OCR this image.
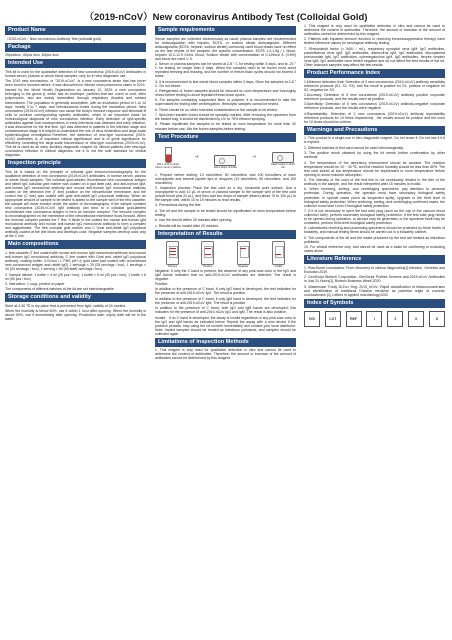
（2019-nCoV）New coronavirus Antibody Test (Colloidal Gold)
Product Name
（2019-nCoV）New coronavirus Antibody Test (colloidal gold)
Package
25pcs/box ,40pcs /box ,50pcs /box
Intended Use
This kit is used for the qualitative detection of new coronavirus (2019-nCoV) antibodies in human serum, plasma or whole blood samples ,only for in vitro diagnostic use.
The 2019 new coronavirus, or "2019-nCoV", is a new coronavirus strain that has never been found in humans before. It was discovered in Wuhan virus pneumonia cases in 2019.
Named by the World Health Organization on January 12, 2020; a new coronavirus belonging to the genus β, which has an envelope, particles that are round or oval, often polymorphic, and are mainly transmitted through respiratory droplets and contact transmission. The population is generally susceptible, with an incubation period of 1 to 14 days, mostly 3 to 7 days, and infectiousness exists during the incubation period. New coronavirus (2019-nCoV) infection can cause the body's immune response and stimulate B cells to produce corresponding specific antibodies, which is an important basis for immunological diagnosis of new coronavirus infection. Early detection of IgM-specific antibodies against viral nucleoproteins in early infections was detected and early infection, it was discovered for the first time. IgG was detected in patients in the infection stage and convalescence stage.It is helpful to understand the role of virus elimination and large-scale epidemiological investigation.Therefore, the detection of new-type coronavirus (2019-nCoV) antibodies is of important clinical significance and is of great significance for effectively controlling the large-scale transmission of new-type coronavirus (2019-nCoV). This kit is used as an early auxiliary diagnostic reagent for clinical patients with new-type coronavirus infection in clinical diagnosis, but it is not the sole standard for clinical diagnosis.
Inspection principle
This kit is based on the principle of colloidal gold immunochromatography for the qualitative detection of new coronavirus (2019-nCoV) antibodies. in human serum, plasma or whole blood samples. The colloidal gold-labeled recombinant new coronavirus antigen and rabbit IgG colloidal gold marker was coated on a pad label pad, and anti-human IgM, anti-human IgG monoclonal antibody and mouse anti-human IgG monoclonal antibody coated on the detection line (T line) position on the nitrocellulose membrane, and the control line (C line) was coated with goat anti-rabbit IgG polyclonal antibody. When an appropriate amount of sample to be tested is added to the sample well of the test cassette, the sample will move forward under the action of chromatography. If the sample contains new coronavirus (2019-nCoV) IgM antibody can bind to a colloidal gold-labeled recombinant new coronavirus antigen to form an immune complex. The immune complex is chromatographed on the membrane of the nitrocellulose membrane flows forward. When the immune complex passes the T line, it binds to the coated the mouse anti-human IgM monoclonal antibody and mouse anti-human IgG monoclonal antibody to form a complex and agglutinates. The free colloidal gold marker and C Goat anti-rabbit IgG polyclonal antibody coated at the line binds and develops color. Negative samples develop color only at the C line.
Main compositions
1. test cassette (T line coated with mouse anti-human IgM monoclonal antibody and mouse anti-human IgG monoclonal antibody, C line coated with Goat anti- rabbit IgG polyclonal antibody, coating buffer: 0.01mol / L PBS pH7.4; gold label pad coated with recombinant new coronavirus antigen and rabbit IgG) 1 servings × 25 (25 servings / box), 1 servings × 40 (40 servings / box), 1 serving × 50 (50 staff) /servings / box).
2. Sample diluent: 1 bottle × 4 ml (25 pcs / box), 1 bottle × 5 ml (40 pcs / box), 1 bottle × 6 ml (50 pcs / box)
3. Instruction: 1 copy, printed on paper
The components of different batches of the kit are not interchangeable.
Storage conditions and validity
Store at 4-30 ℃ in dry place that is prevented from light, validity of 24 months.
When the humidity is below 60%, use it within 1 hour after opening. When the humidity is above 60%, use it immediately after opening. Production date, expiry date will be in the label.
Sample requirements
Serum samples are collected intravenously as usual; plasma samples are recommended for anticoagulation with heparin, EDTA, or sodium citrate anticoagulant. Different anticoagulants (EDTA, heparin, sodium citrate) commonly used blood draws have no effect on the test results of the samples. the specific concentration: EDTA 1.4-1.6g / L blood, heparin 10.0-12.5 IU/mL blood, Sodium citrate with concentration of 0.129mol /L (3.8%) and blood are used 1: 9.
2. Serum or plasma samples can be stored at 2-8 ° C for testing within 5 days, and at -20 ° C for testing for longer than 5 days. When the samples need to be frozen must avoid repeated freezing and thawing, and the number of freeze-thaw cycles should not exceed 3 times.
3. It is recommended to test whole blood samples within 3 days. Store the samples at 2-8 ° C. Do not freeze.
4. Refrigerated or frozen samples should be returned to room temperature and thoroughly mixed before testing to avoid repeated freeze-thaw cycles.
5. For samples containing suspended fibrin or polymer, it is recommended to take the supernatant for testing after centrifugation. Hemolytic samples cannot be tested.
6. There should be no other microbial contamination in the sample to be tested.
7. Specimen transfer boxes should be specially marked. After removing the specimen from the sealed bag, it should be disinfected by UV or 75% ethanol spraying.
8. Please equilibrate the samples to be tested at room temperature for more than 30 minutes before use. Mix the frozen samples before testing.
Test Procedure
Add 1 drop of whole blood / serum / plasma
➜
Add 2 drops of buffer
➜
Read results in 10-15 min
1. Prepare before testing: 10 microliters, 50 microliters, and 100 microliters of each micropipette and several pipette tips or droppers (10 microliters, 50 microliters, and 100 microliters).
2. Inspection process: Place the test card on a dry, horizontal work surface. Use a micropipette to add 10 μL of serum or plasma sample to the sample well of the test card (whole blood plus 20 μL), and then add two drops of sample diluent (about 70 to 100 μL) to the sample well, within 10 to 15 minutes to read results.
3. Precautions during the test
a. The kit and the sample to be tested should be equilibrated at room temperature before testing.
b. Use the test kit within 30 minutes after opening.
c. Results will be invalid after 20 minutes.
Interpretation of Results
Positive	Positive	Negative	Invalid
Negative: If only the C band is present, the absence of any pink-rose color in the IgG and IgM bands indicates that no anti-2019-nCoV antibodies are detected. The result is negative.
Positive:
In addition to the presence of C band, if only IgG band is developed, the test indicates for the presence of anti-2019-nCoV IgG. The result is positive.
In addition to the presence of C band, if only IgM band is developed, the test indicates for the presence of anti-2019-nCoV IgM. The result is positive.
In addition to the presence of C band, both IgG and IgM bands are developed; this indicates for the presence of anti-2019-nCoV IgG and IgM. The result is also positive.
Invalid：If no C band is developed, the assay is invalid regardless of any pink-rose color in the IgG and IgM bands as indicated below. Repeat the assay with a new device if the problem persists. stop using the lot number immediately and contact your local distributor. Note: Invalid samples should be treated as infectious pollutants, and samples should be collected again.
Limitations of Inspection Methods
1. This reagent is only used for qualitative detection in vitro and cannot be used to determine the content of antibodies. Therefore, the amount or increase of the amount of antibodies cannot be determined by this reagent.
1. This reagent is only used for qualitative detection in vitro and cannot be used to determine the content of antibodies. Therefore, the amount or increase of the amount of antibodies cannot be determined by this reagent.
2. Patients with impaired immune function or receiving immunosuppressive therapy have limited reference values for serological antibody testing.
7. Rheumatoid factor (> 54IU / mL), respiratory syncytial virus IgM, IgG antibodies, parainfluenza virus IgM, IgG antibodies, adenovirus IgM, IgG antibodies, Mycoplasma pneumoniae IgM, IgG antibodies, cytomegalovirus IgM, IgG antibodies, herpes simplex virus IgM, IgG antibodies have tested negative and do not affect the test results of the kit. Other unknown samples may affect the test results.
Product Performance Index
1.Minimum detection limit: Detection of 3 new coronavirus (2019-nCoV) antibody sensitivity reference products (S1, S2, S3), and the result is positive for S1, positive or negative for S2, negative for S3.
2.Accuracy: Detection of 5 new coronavirus (2019-nCoV) antibody positive corporate reference products, and the results were all positive.
3.Specificity: Detection of 5 new coronavirus (2019-nCoV) antibody-negative corporate reference products, and the results were negative.
4.Repeatability: Detection of 2 new coronavirus (2019-nCoV) antibody repeatability reference products for 10 times respectively , the results should be positive and the color for 10 times should be uniform.
Warnings and Precautions
1. This product is a single-use in vitro diagnostic reagent. Do not reuse it. Do not use it if it is expired.
2. Different batches of test card cannot be used interchangeably.
3. The positive result obtained by using the kit needs further confirmation by other methods.
4. The temperature of the laboratory environment should be avoided. The reaction temperature should be 10 ~ 30 ℃, and the reaction humidity should be less than 60%. The test card stored at low temperature should be equilibrated to room temperature before opening to avoid moisture absorption.
5. The intensity of the color of the test line is not necessarily related to the titer of the antibody in the sample, and the result interpreted after 15 minutes is invalid.
6. When receiving, sorting, and centrifuging specimens, pay attention to personal protection. During operation, the operator must have secondary biological safety protection. In special cases (such as suspected spills), upgrade to the third level of biological safety protection. When receiving, sorting, and centrifuging confirmed cases, the collector must have Level 3 biological safety protection.
7. If it is not necessary to open the test tube plug (such as the cap of the vacuum blood collection tube), perform secondary biological safety protection. If the test tube plug needs to be opened during operation, or aerosol may be generated, or the specimen itself may be contacted, perform third-level biological safety protection.
8. Laboratories receiving and processing specimens should be protected by three levels of biosafety, and manual testing items should be carried out in a biosafety cabinet.
9. The components of the kit and the waste produced by the test are treated as infectious pollutants.
10. For clinical reference only, and cannot be used as a basis for confirming or excluding cases alone.
Literature Reference
1. Plan:Novel coronavirus: From discovery to clinical diagnostics[J].Infection, Genetics and Evolution,2019
2. GenScript Biotech Corporation, GenScript Profiles Screens anti-2019-nCoV Antibodies in Just 24 Hours[J]. Biotech Business Week,2020
3. Waseenaar Truuly M,Zou Ying. 2019_nCoV: Rapid classification of betacoronaviruses and identification of traditional Chinese medicine as potential origin of zoonotic coronaviruses.[J]. Letters in applied microbiology,2020
Index of Symbols
IVD	LOT	REF	i	2	X	8
